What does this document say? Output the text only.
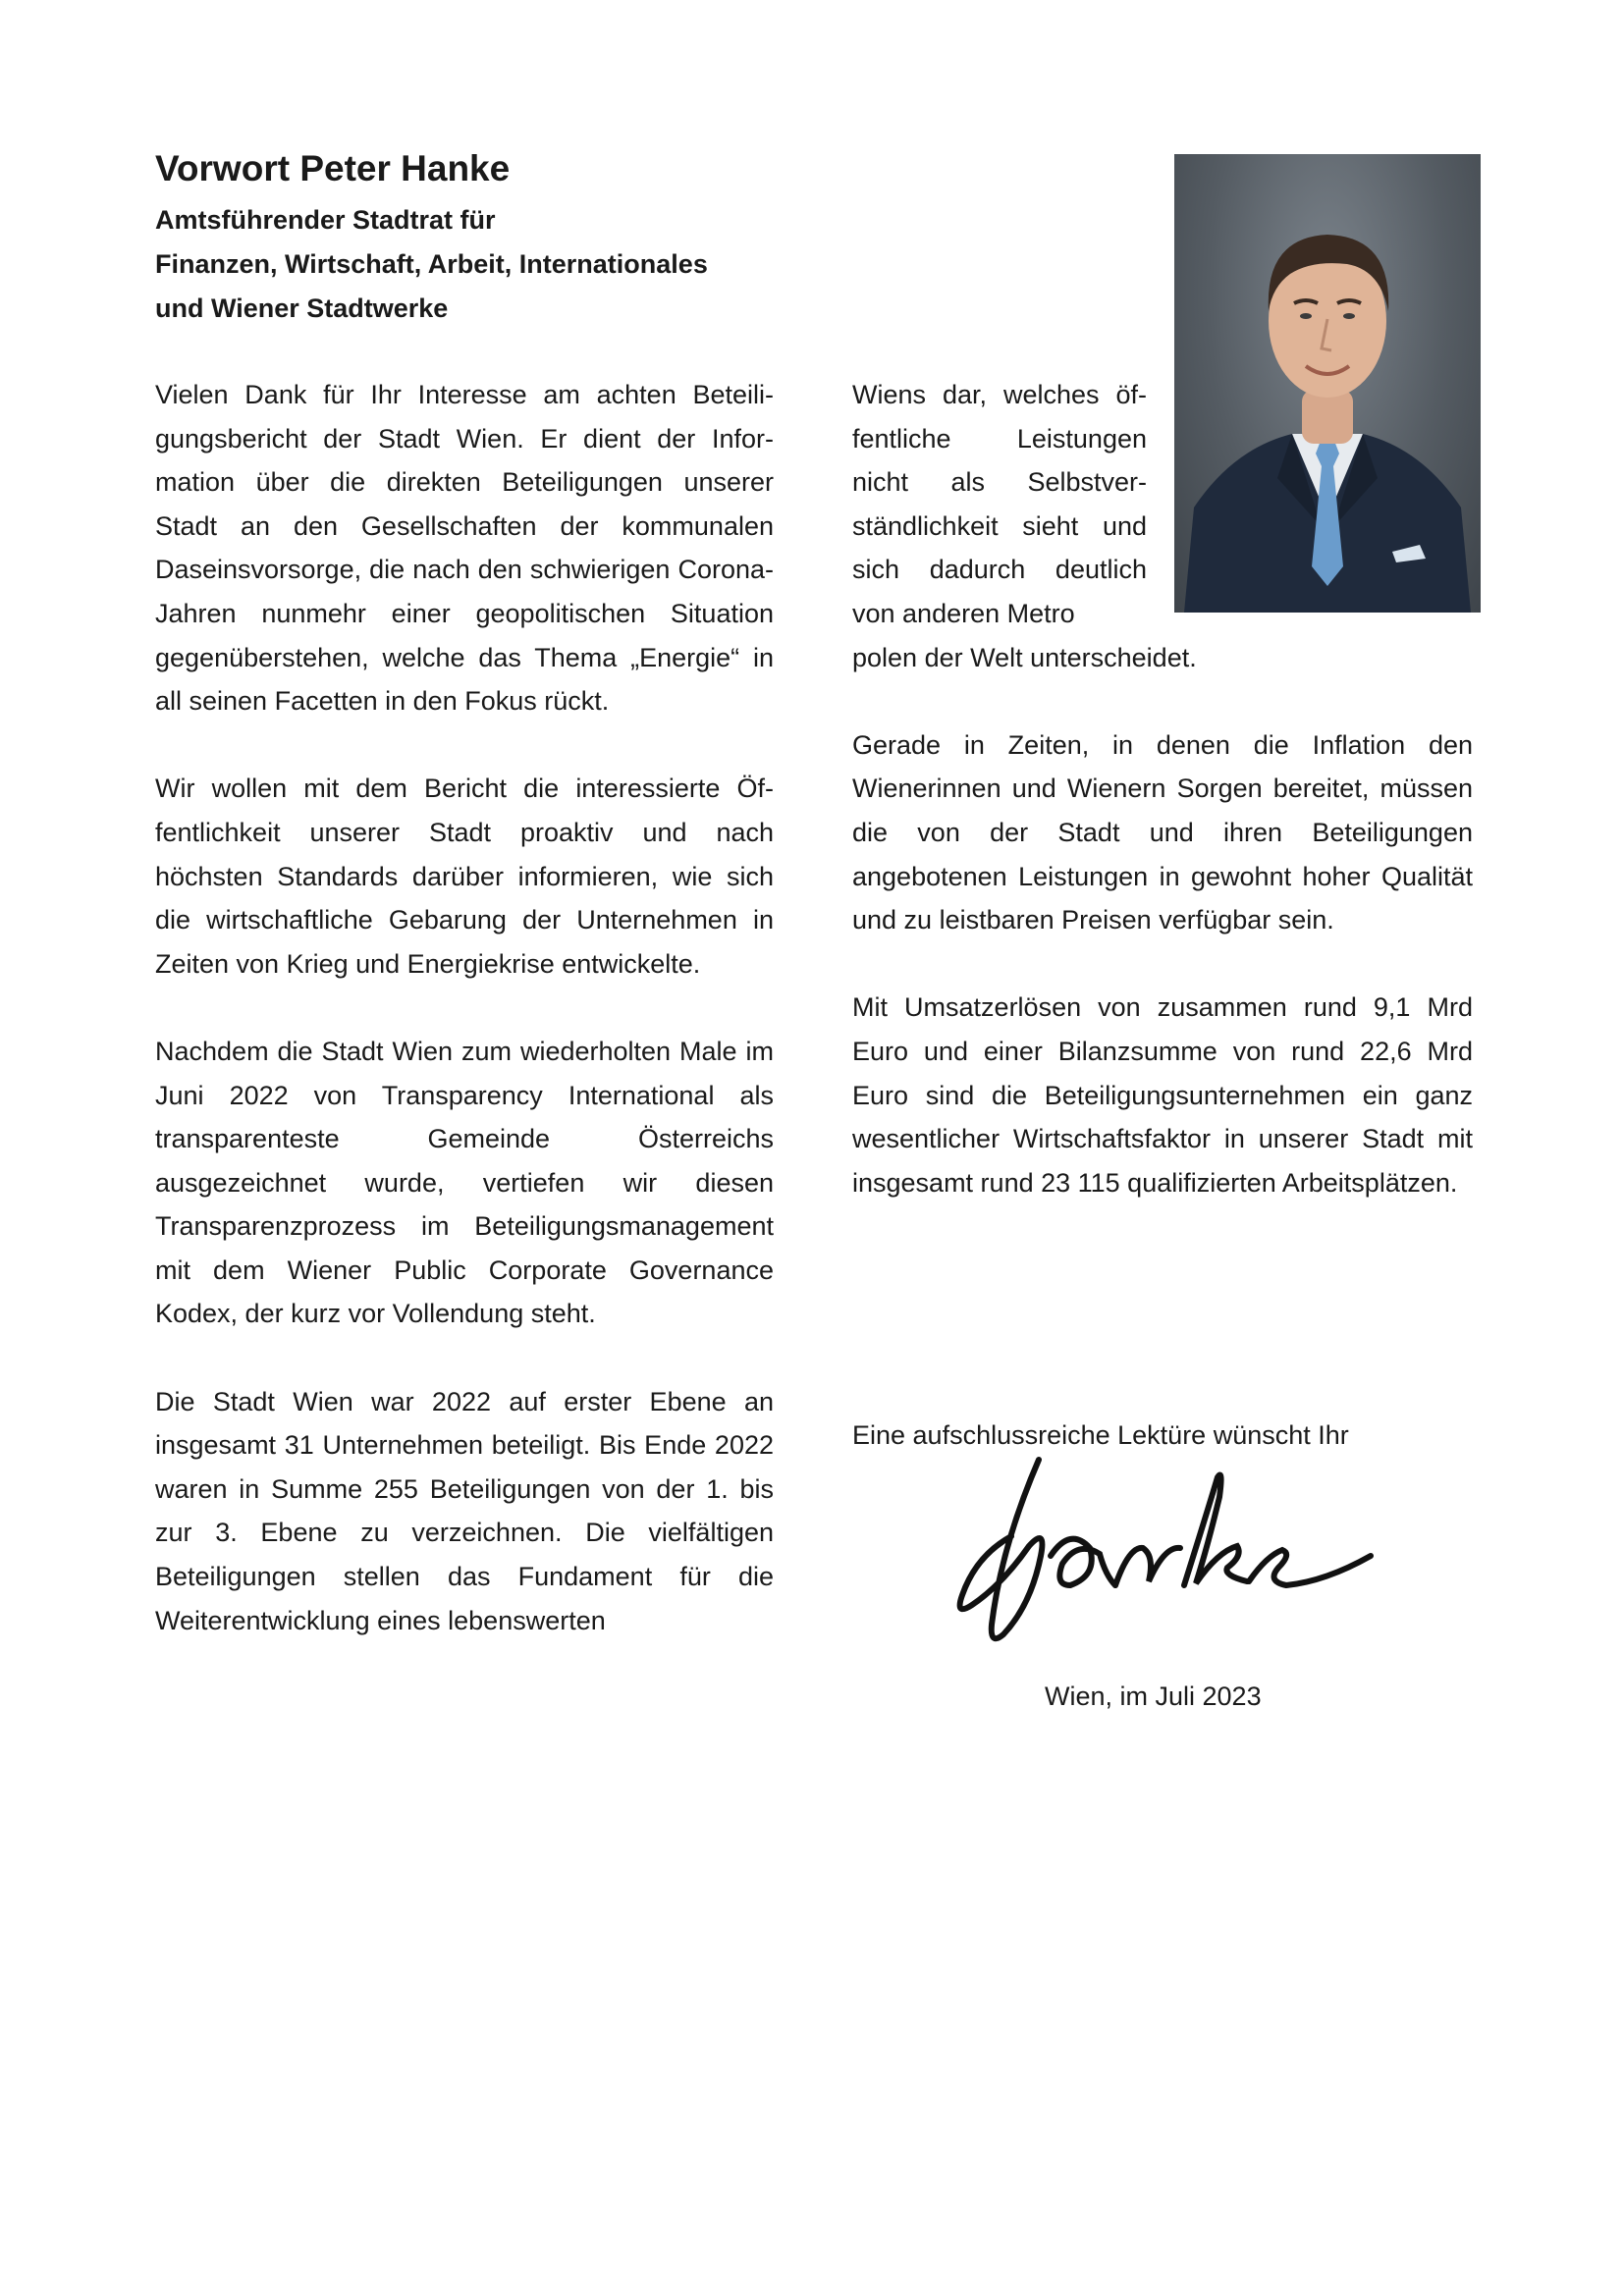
Vorwort Peter Hanke
Amtsführender Stadtrat für
Finanzen, Wirtschaft, Arbeit, Internationales
und Wiener Stadtwerke

Vielen Dank für Ihr Interesse am achten Beteiligungsbericht der Stadt Wien. Er dient der Information über die direkten Beteiligungen unserer Stadt an den Gesellschaften der kommunalen Daseinsvorsorge, die nach den schwierigen Corona-Jahren nunmehr einer geopolitischen Situation gegenüberstehen, welche das Thema „Energie“ in all seinen Facetten in den Fokus rückt.

Wir wollen mit dem Bericht die interessierte Öffentlichkeit unserer Stadt proaktiv und nach höchsten Standards darüber informieren, wie sich die wirtschaftliche Gebarung der Unternehmen in Zeiten von Krieg und Energiekrise entwickelte.

Nachdem die Stadt Wien zum wiederholten Male im Juni 2022 von Transparency International als transparenteste Gemeinde Österreichs ausgezeichnet wurde, vertiefen wir diesen Transparenzprozess im Beteiligungsmanagement mit dem Wiener Public Corporate Governance Kodex, der kurz vor Vollendung steht.

Die Stadt Wien war 2022 auf erster Ebene an insgesamt 31 Unternehmen beteiligt. Bis Ende 2022 waren in Summe 255 Beteiligungen von der 1. bis zur 3. Ebene zu verzeichnen. Die vielfältigen Beteiligungen stellen das Fundament für die Weiterentwicklung eines lebenswerten

Wiens dar, welches öffentliche Leistungen nicht als Selbstverständlichkeit sieht und sich dadurch deutlich von anderen Metro

polen der Welt unterscheidet.

Gerade in Zeiten, in denen die Inflation den Wienerinnen und Wienern Sorgen bereitet, müssen die von der Stadt und ihren Beteiligungen angebotenen Leistungen in gewohnt hoher Qualität und zu leistbaren Preisen verfügbar sein.

Mit Umsatzerlösen von zusammen rund 9,1 Mrd Euro und einer Bilanzsumme von rund 22,6 Mrd Euro sind die Beteiligungsunternehmen ein ganz wesentlicher Wirtschaftsfaktor in unserer Stadt mit insgesamt rund 23 115 qualifizierten Arbeitsplätzen.

Eine aufschlussreiche Lektüre wünscht Ihr
Wien, im Juli 2023
